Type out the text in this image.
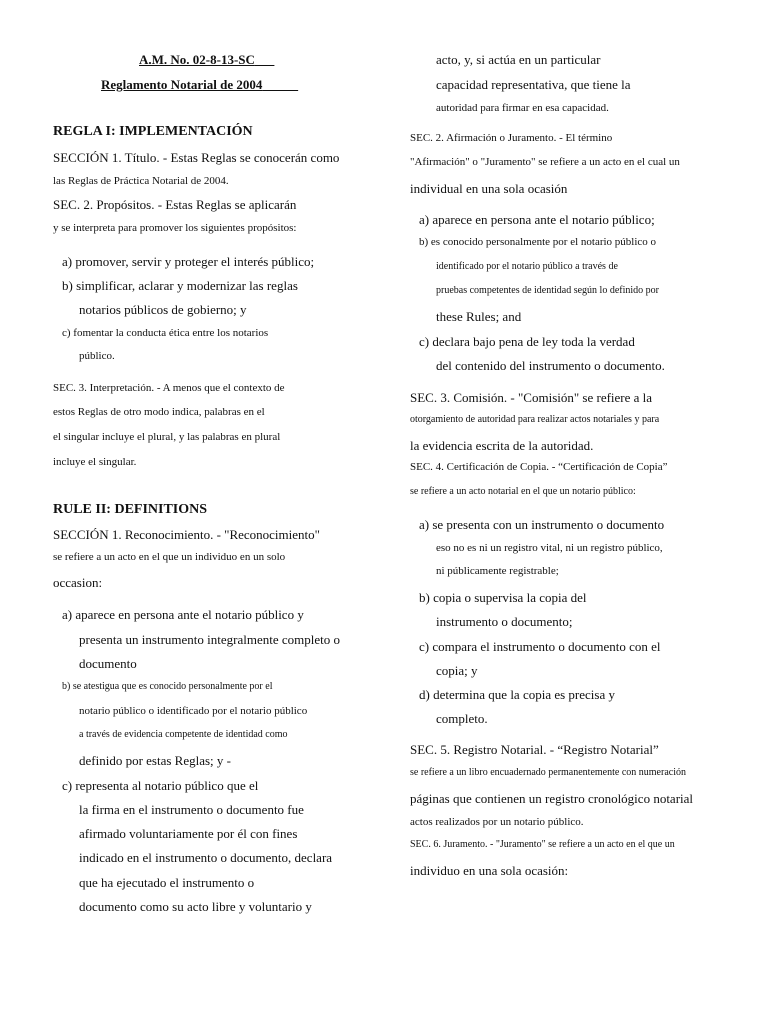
A.M. No. 02-8-13-SC
Reglamento Notarial de 2004
REGLA I: IMPLEMENTACIÓN
SECCIÓN 1. Título. - Estas Reglas se conocerán como
las Reglas de Práctica Notarial de 2004.
SEC. 2. Propósitos. - Estas Reglas se aplicarán
y se interpreta para promover los siguientes propósitos:
a) promover, servir y proteger el interés público;
b) simplificar, aclarar y modernizar las reglas
notarios públicos de gobierno; y
c) fomentar la conducta ética entre los notarios
público.
SEC. 3. Interpretación. - A menos que el contexto de
estos Reglas de otro modo indica, palabras en el
el singular incluye el plural, y las palabras en plural
incluye el singular.
RULE II: DEFINITIONS
SECCIÓN 1. Reconocimiento. - "Reconocimiento"
se refiere a un acto en el que un individuo en un solo
occasion:
a) aparece en persona ante el notario público y
presenta un instrumento integralmente completo o
documento
b) se atestigua que es conocido personalmente por el
notario público o identificado por el notario público
a través de evidencia competente de identidad como
definido por estas Reglas; y -
c) representa al notario público que el
la firma en el instrumento o documento fue
afirmado voluntariamente por él con fines
indicado en el instrumento o documento, declara
que ha ejecutado el instrumento o
documento como su acto libre y voluntario y
acto, y, si actúa en un particular
capacidad representativa, que tiene la
autoridad para firmar en esa capacidad.
SEC. 2. Afirmación o Juramento. - El término
"Afirmación" o "Juramento" se refiere a un acto en el cual un
individual en una sola ocasión
a) aparece en persona ante el notario público;
b) es conocido personalmente por el notario público o
identificado por el notario público a través de
pruebas competentes de identidad según lo definido por
these Rules; and
c) declara bajo pena de ley toda la verdad
del contenido del instrumento o documento.
SEC. 3. Comisión. - "Comisión" se refiere a la
otorgamiento de autoridad para realizar actos notariales y para
la evidencia escrita de la autoridad.
SEC. 4. Certificación de Copia. - “Certificación de Copia”
se refiere a un acto notarial en el que un notario público:
a) se presenta con un instrumento o documento
eso no es ni un registro vital, ni un registro público,
ni públicamente registrable;
b) copia o supervisa la copia del
instrumento o documento;
c) compara el instrumento o documento con el
copia; y
d) determina que la copia es precisa y
completo.
SEC. 5. Registro Notarial. - “Registro Notarial”
se refiere a un libro encuadernado permanentemente con numeración
páginas que contienen un registro cronológico notarial
actos realizados por un notario público.
SEC. 6. Juramento. - "Juramento" se refiere a un acto en el que un
individuo en una sola ocasión:
